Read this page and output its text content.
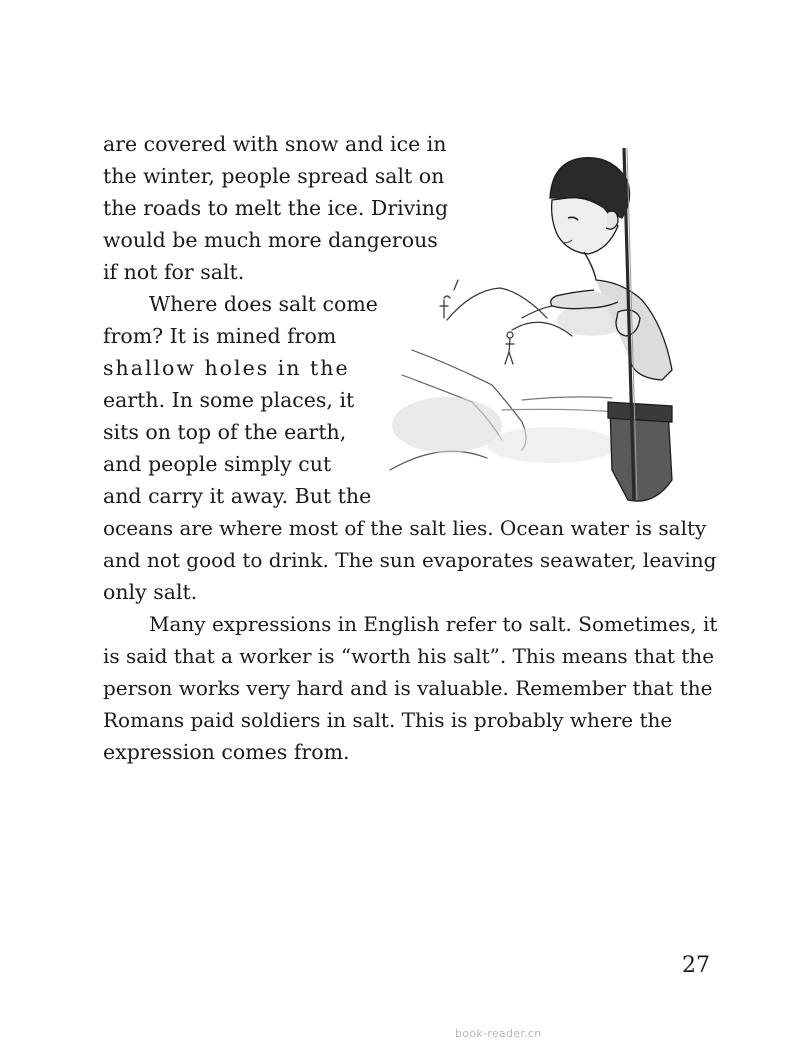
are covered with snow and ice in
the winter, people spread salt on
the roads to melt the ice. Driving
would be much more dangerous
if not for salt.
Where does salt come
from? It is mined from
shallow holes in the
earth. In some places, it
sits on top of the earth,
and people simply cut
and carry it away. But the
oceans are where most of the salt lies. Ocean water is salty
and not good to drink. The sun evaporates seawater, leaving
only salt.
Many expressions in English refer to salt. Sometimes, it
is said that a worker is “worth his salt”. This means that the
person works very hard and is valuable. Remember that the
Romans paid soldiers in salt. This is probably where the
expression comes from.
27
book-reader.cn
